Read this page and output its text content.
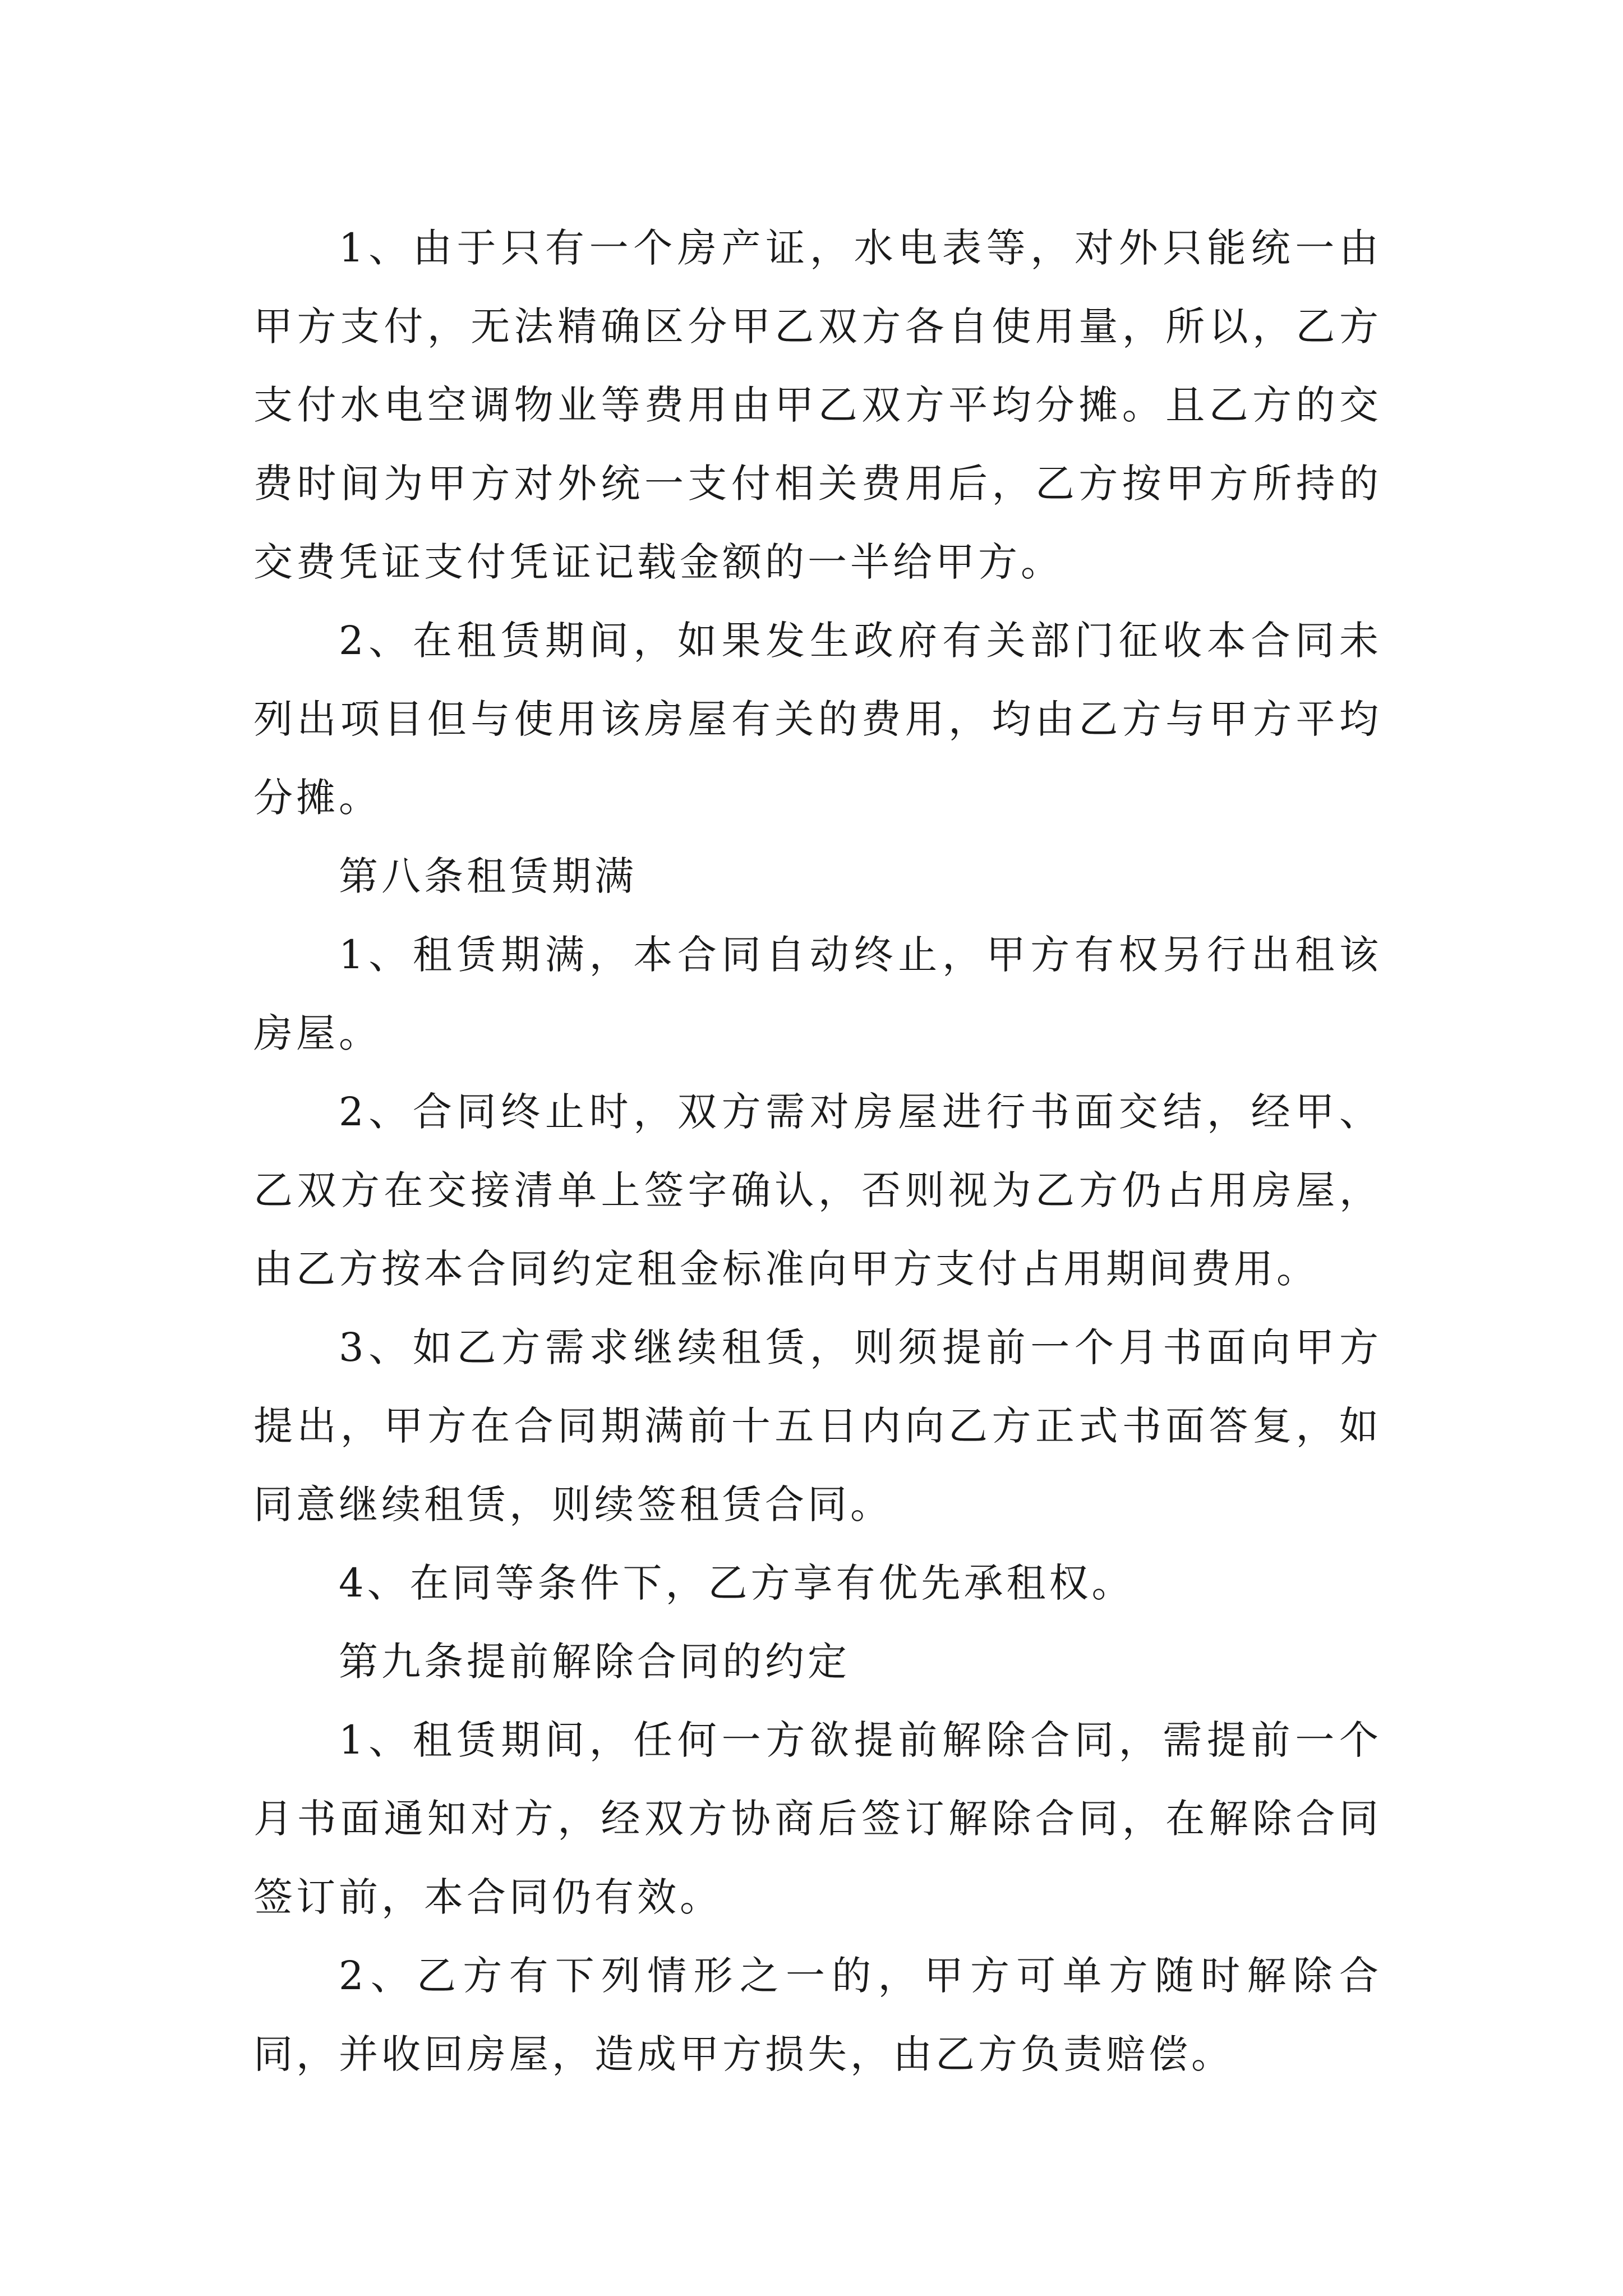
1、由于只有一个房产证，水电表等，对外只能统一由甲方支付，无法精确区分甲乙双方各自使用量，所以，乙方支付水电空调物业等费用由甲乙双方平均分摊。且乙方的交费时间为甲方对外统一支付相关费用后，乙方按甲方所持的交费凭证支付凭证记载金额的一半给甲方。

2、在租赁期间，如果发生政府有关部门征收本合同未列出项目但与使用该房屋有关的费用，均由乙方与甲方平均分摊。

第八条租赁期满

1、租赁期满，本合同自动终止，甲方有权另行出租该房屋。

2、合同终止时，双方需对房屋进行书面交结，经甲、乙双方在交接清单上签字确认，否则视为乙方仍占用房屋，由乙方按本合同约定租金标准向甲方支付占用期间费用。

3、如乙方需求继续租赁，则须提前一个月书面向甲方提出，甲方在合同期满前十五日内向乙方正式书面答复，如同意继续租赁，则续签租赁合同。

4、在同等条件下，乙方享有优先承租权。

第九条提前解除合同的约定

1、租赁期间，任何一方欲提前解除合同，需提前一个月书面通知对方，经双方协商后签订解除合同，在解除合同签订前，本合同仍有效。

2、乙方有下列情形之一的，甲方可单方随时解除合同，并收回房屋，造成甲方损失，由乙方负责赔偿。
